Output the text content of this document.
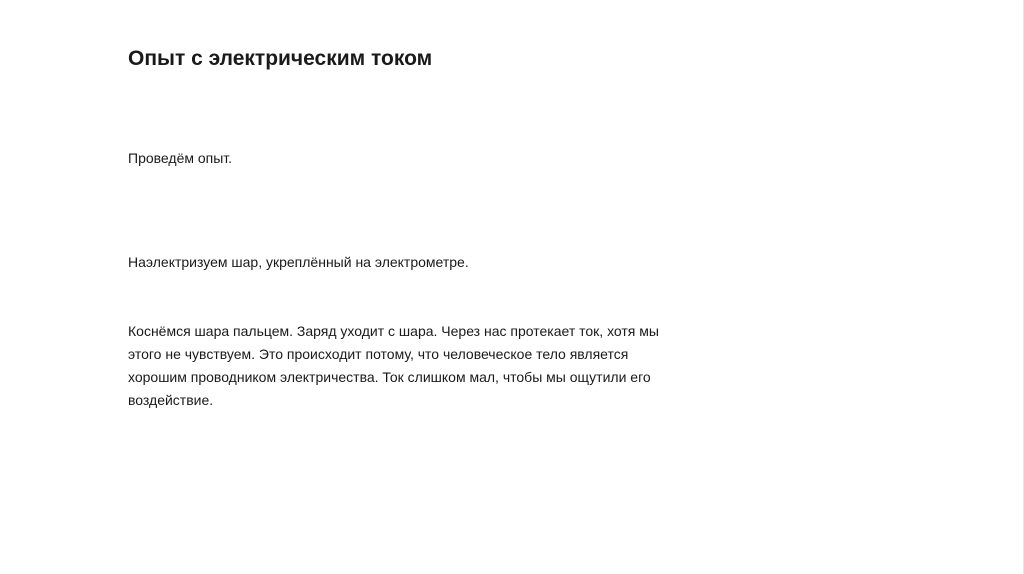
Опыт с электрическим током

Проведём опыт.

Наэлектризуем шар, укреплённый на электрометре.

Коснёмся шара пальцем. Заряд уходит с шара. Через нас протекает ток, хотя мы
этого не чувствуем. Это происходит потому, что человеческое тело является
хорошим проводником электричества. Ток слишком мал, чтобы мы ощутили его
воздействие.
